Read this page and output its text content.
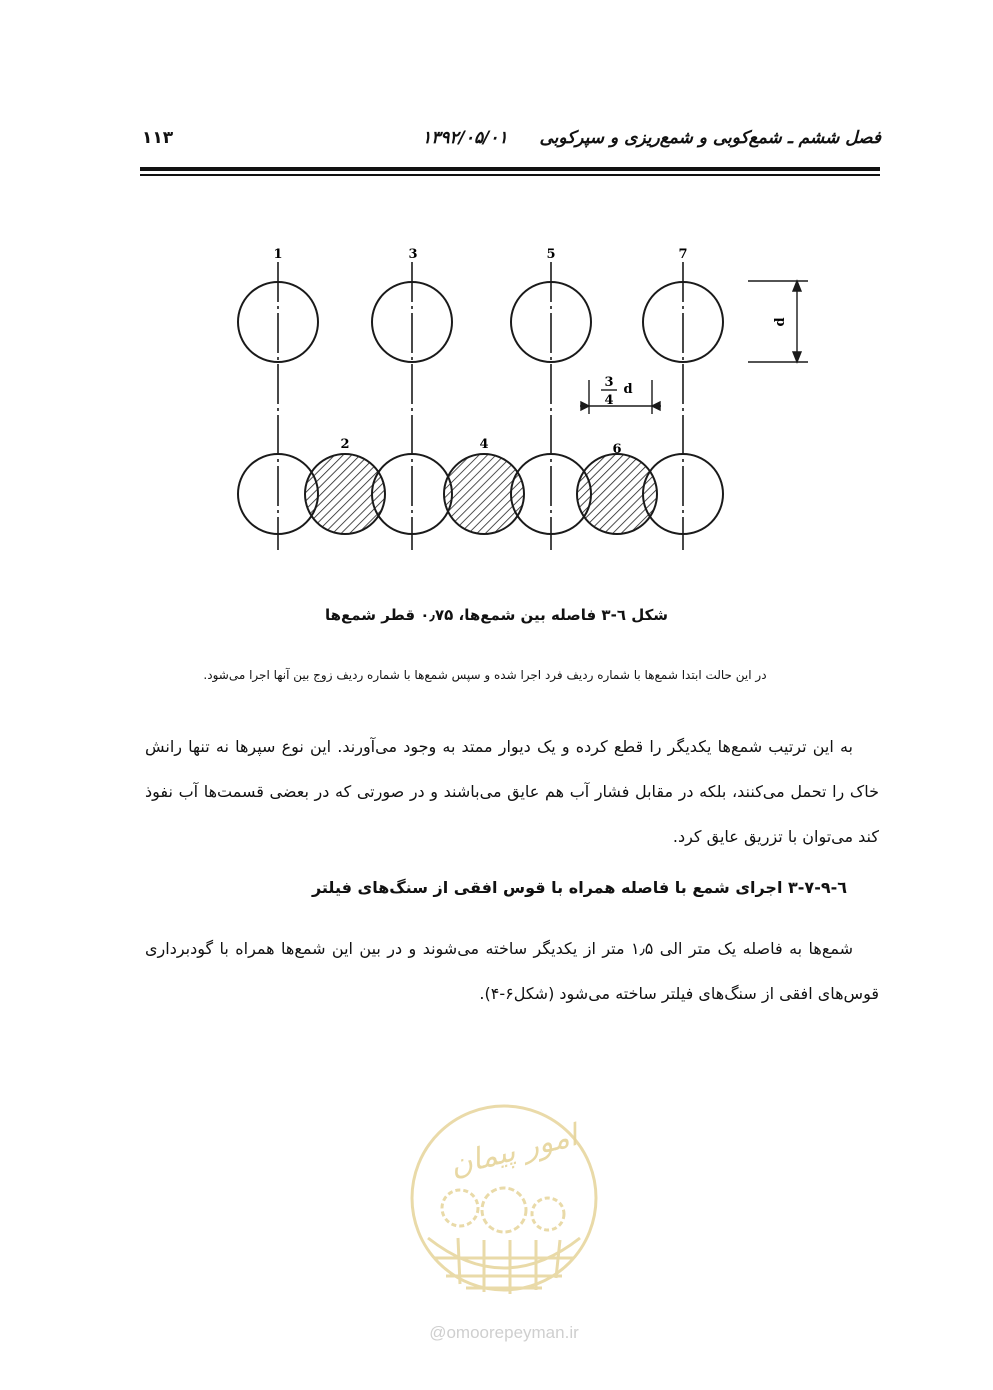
فصل ششم ـ شمع‌کوبی و شمع‌ریزی و سپرکوبی ۱۳۹۲/۰۵/۰۱
۱۱۳
1	3	5	7
2	4	6
d
3
4
d
شکل ٦-٣ فاصله بین شمع‌ها، ۰٫۷۵ قطر شمع‌ها
در این حالت ابتدا شمع‌ها با شماره ردیف فرد اجرا شده و سپس شمع‌ها با شماره ردیف زوج بین آنها اجرا می‌شود.
به این ترتیب شمع‌ها یکدیگر را قطع کرده و یک دیوار ممتد به وجود می‌آورند. این نوع سپرها نه تنها رانش خاک را تحمل می‌کنند، بلکه در مقابل فشار آب هم عایق می‌باشند و در صورتی که در بعضی قسمت‌ها آب نفوذ کند می‌توان با تزریق عایق کرد.
٦-٩-٧-٣ اجرای شمع با فاصله همراه با قوس افقی از سنگ‌های فیلتر
شمع‌ها به فاصله یک متر الی ۱٫۵ متر از یکدیگر ساخته می‌شوند و در بین این شمع‌ها همراه با گودبرداری قوس‌های افقی از سنگ‌های فیلتر ساخته می‌شود (شکل۶-۴).
امور پیمان
@omoorepeyman.ir
